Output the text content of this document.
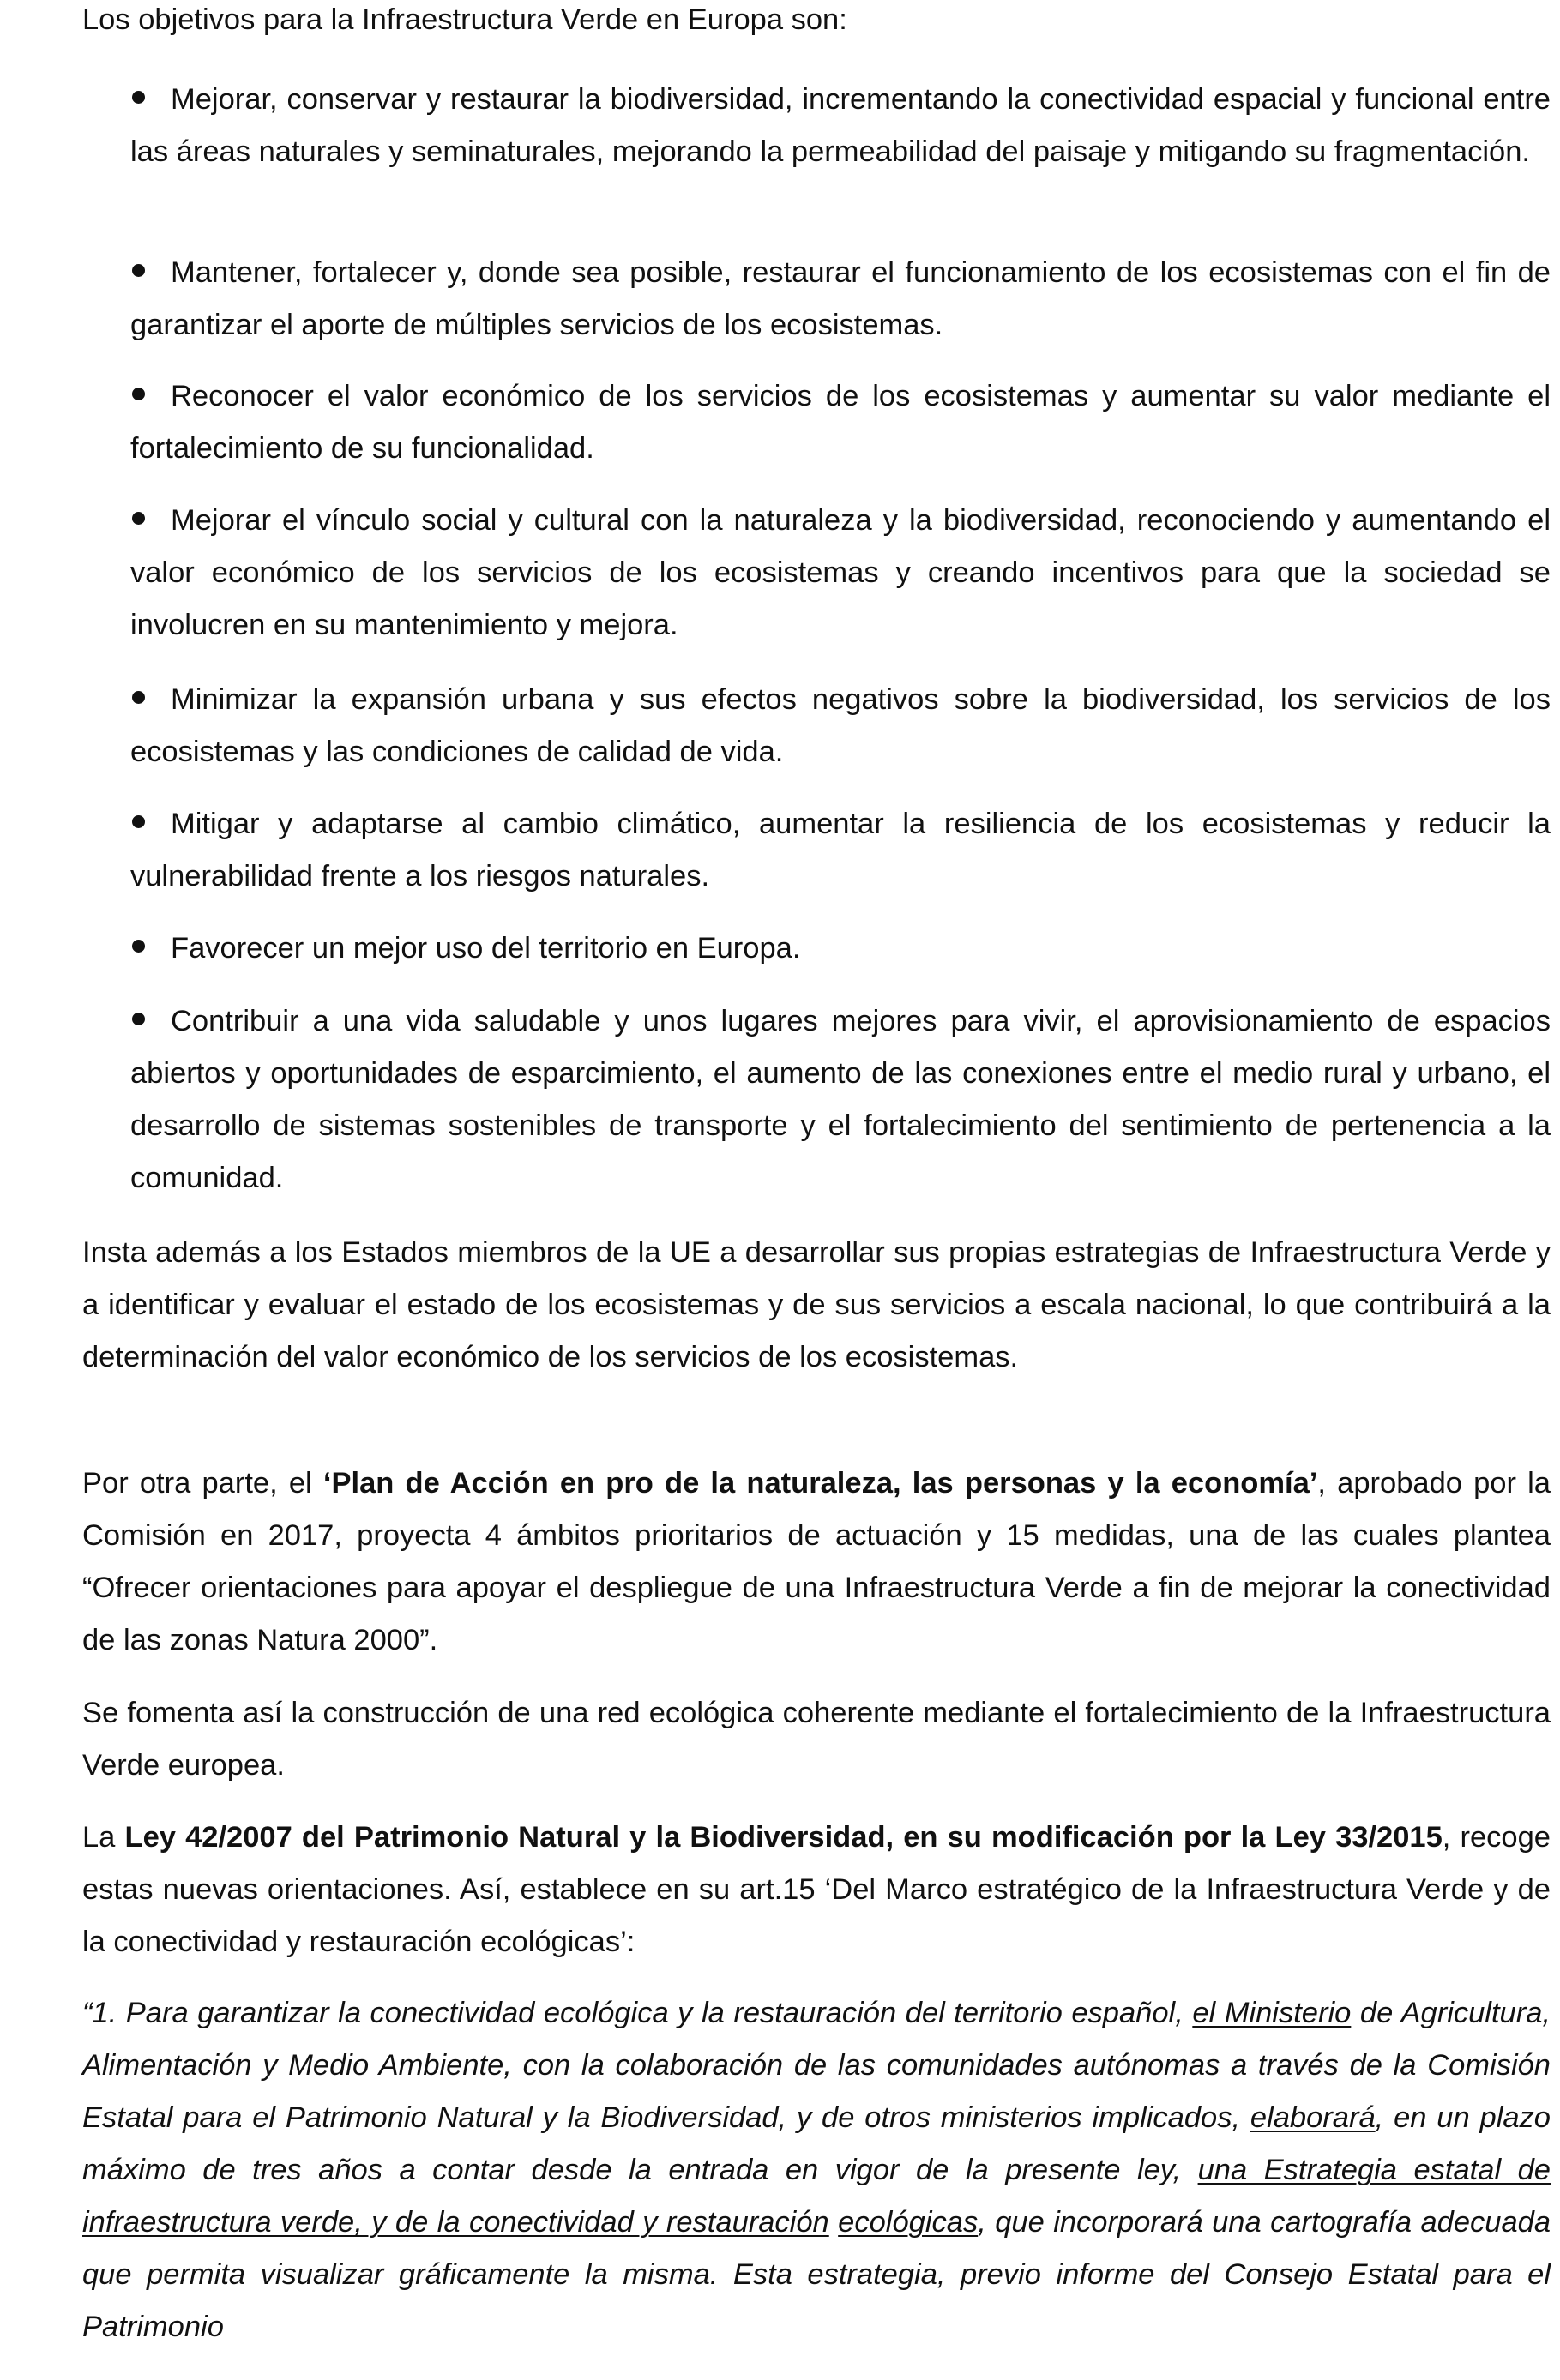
Los objetivos para la Infraestructura Verde en Europa son:

Mejorar, conservar y restaurar la biodiversidad, incrementando la conectividad espacial y funcional entre las áreas naturales y seminaturales, mejorando la permeabilidad del paisaje y mitigando su fragmentación.

Mantener, fortalecer y, donde sea posible, restaurar el funcionamiento de los ecosistemas con el fin de garantizar el aporte de múltiples servicios de los ecosistemas.

Reconocer el valor económico de los servicios de los ecosistemas y aumentar su valor mediante el fortalecimiento de su funcionalidad.

Mejorar el vínculo social y cultural con la naturaleza y la biodiversidad, reconociendo y aumentando el valor económico de los servicios de los ecosistemas y creando incentivos para que la sociedad se involucren en su mantenimiento y mejora.

Minimizar la expansión urbana y sus efectos negativos sobre la biodiversidad, los servicios de los ecosistemas y las condiciones de calidad de vida.

Mitigar y adaptarse al cambio climático, aumentar la resiliencia de los ecosistemas y reducir la vulnerabilidad frente a los riesgos naturales.

Favorecer un mejor uso del territorio en Europa.

Contribuir a una vida saludable y unos lugares mejores para vivir, el aprovisionamiento de espacios abiertos y oportunidades de esparcimiento, el aumento de las conexiones entre el medio rural y urbano, el desarrollo de sistemas sostenibles de transporte y el fortalecimiento del sentimiento de pertenencia a la comunidad.

Insta además a los Estados miembros de la UE a desarrollar sus propias estrategias de Infraestructura Verde y a identificar y evaluar el estado de los ecosistemas y de sus servicios a escala nacional, lo que contribuirá a la determinación del valor económico de los servicios de los ecosistemas.

Por otra parte, el ‘Plan de Acción en pro de la naturaleza, las personas y la economía’, aprobado por la Comisión en 2017, proyecta 4 ámbitos prioritarios de actuación y 15 medidas, una de las cuales plantea “Ofrecer orientaciones para apoyar el despliegue de una Infraestructura Verde a fin de mejorar la conectividad de las zonas Natura 2000”.

Se fomenta así la construcción de una red ecológica coherente mediante el fortalecimiento de la Infraestructura Verde europea.

La Ley 42/2007 del Patrimonio Natural y la Biodiversidad, en su modificación por la Ley 33/2015, recoge estas nuevas orientaciones. Así, establece en su art.15 ‘Del Marco estratégico de la Infraestructura Verde y de la conectividad y restauración ecológicas’:

“1. Para garantizar la conectividad ecológica y la restauración del territorio español, el Ministerio de Agricultura, Alimentación y Medio Ambiente, con la colaboración de las comunidades autónomas a través de la Comisión Estatal para el Patrimonio Natural y la Biodiversidad, y de otros ministerios implicados, elaborará, en un plazo máximo de tres años a contar desde la entrada en vigor de la presente ley, una Estrategia estatal de infraestructura verde, y de la conectividad y restauración ecológicas, que incorporará una cartografía adecuada que permita visualizar gráficamente la misma. Esta estrategia, previo informe del Consejo Estatal para el Patrimonio
